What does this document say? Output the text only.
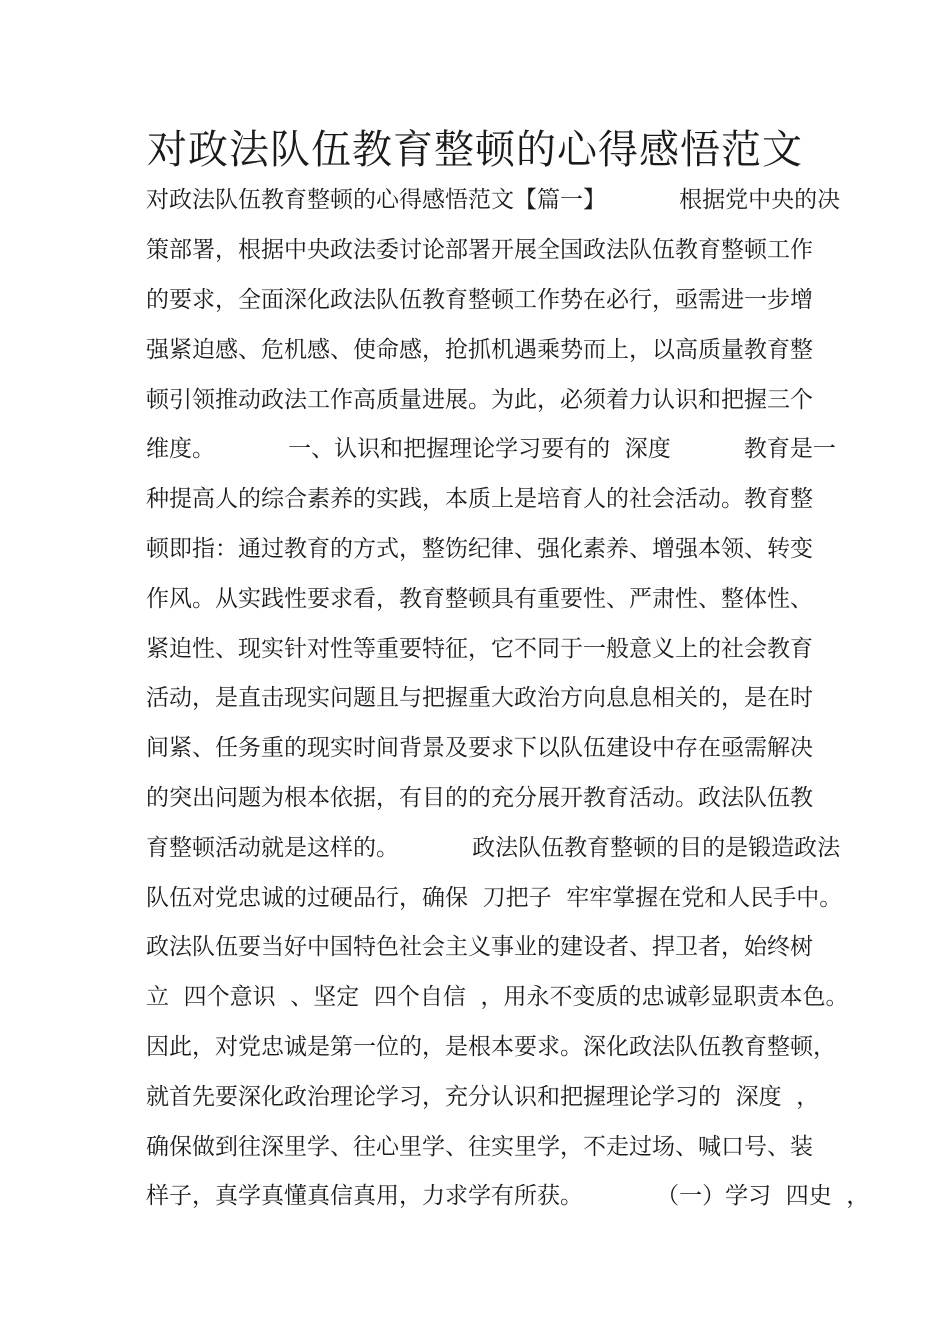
对政法队伍教育整顿的心得感悟范文
对政法队伍教育整顿的心得感悟范文【篇一】          根据党中央的决
策部署，根据中央政法委讨论部署开展全国政法队伍教育整顿工作
的要求，全面深化政法队伍教育整顿工作势在必行，亟需进一步增
强紧迫感、危机感、使命感，抢抓机遇乘势而上，以高质量教育整
顿引领推动政法工作高质量进展。为此，必须着力认识和把握三个
维度。          一、认识和把握理论学习要有的  深度          教育是一
种提高人的综合素养的实践，本质上是培育人的社会活动。教育整
顿即指：通过教育的方式，整饬纪律、强化素养、增强本领、转变
作风。从实践性要求看，教育整顿具有重要性、严肃性、整体性、
紧迫性、现实针对性等重要特征，它不同于一般意义上的社会教育
活动，是直击现实问题且与把握重大政治方向息息相关的，是在时
间紧、任务重的现实时间背景及要求下以队伍建设中存在亟需解决
的突出问题为根本依据，有目的的充分展开教育活动。政法队伍教
育整顿活动就是这样的。          政法队伍教育整顿的目的是锻造政法
队伍对党忠诚的过硬品行，确保  刀把子  牢牢掌握在党和人民手中。
政法队伍要当好中国特色社会主义事业的建设者、捍卫者，始终树
立  四个意识  、坚定  四个自信  ，用永不变质的忠诚彰显职责本色。
因此，对党忠诚是第一位的，是根本要求。深化政法队伍教育整顿，
就首先要深化政治理论学习，充分认识和把握理论学习的  深度  ，
确保做到往深里学、往心里学、往实里学，不走过场、喊口号、装
样子，真学真懂真信真用，力求学有所获。          （一）学习  四史  ，
